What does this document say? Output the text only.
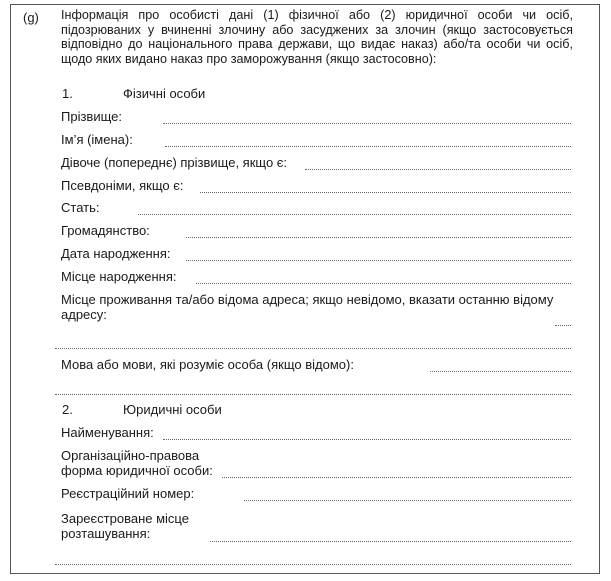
(g) Інформація про особисті дані (1) фізичної або (2) юридичної особи чи осіб, підозрюваних у вчиненні злочину або засуджених за злочин (якщо застосовується відповідно до національного права держави, що видає наказ) або/та особи чи осіб, щодо яких видано наказ про заморожування (якщо застосовно):
1.	Фізичні особи
Прізвище:
Ім’я (імена):
Дівоче (попереднє) прізвище, якщо є:
Псевдоніми, якщо є:
Стать:
Громадянство:
Дата народження:
Місце народження:
Місце проживання та/або відома адреса; якщо невідомо, вказати останню відому
адресу:
Мова або мови, які розуміє особа (якщо відомо):
2.	Юридичні особи
Найменування:
Організаційно-правова
форма юридичної особи:
Реєстраційний номер:
Зареєстроване місце
розташування:
